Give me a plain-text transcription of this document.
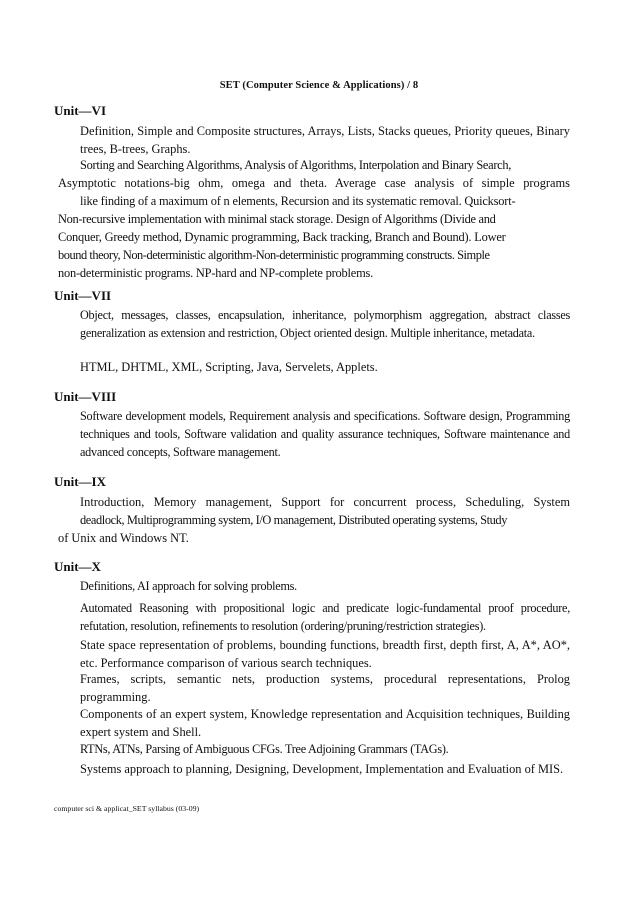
SET (Computer Science & Applications) / 8
Unit—VI
Definition, Simple and Composite structures, Arrays, Lists, Stacks queues, Priority queues, Binary trees, B-trees, Graphs.
Sorting and Searching Algorithms, Analysis of Algorithms, Interpolation and Binary Search,
Asymptotic notations-big ohm, omega and theta. Average case analysis of simple programs
like finding of a maximum of n elements, Recursion and its systematic removal. Quicksort-
Non-recursive implementation with minimal stack storage. Design of Algorithms (Divide and
Conquer, Greedy method, Dynamic programming, Back tracking, Branch and Bound). Lower
bound theory, Non-deterministic algorithm-Non-deterministic programming constructs. Simple
non-deterministic programs. NP-hard and NP-complete problems.
Unit—VII
Object, messages, classes, encapsulation, inheritance, polymorphism aggregation, abstract classes generalization as extension and restriction, Object oriented design. Multiple inheritance, metadata.
HTML, DHTML, XML, Scripting, Java, Servelets, Applets.
Unit—VIII
Software development models, Requirement analysis and specifications. Software design, Programming techniques and tools, Software validation and quality assurance techniques, Software maintenance and advanced concepts, Software management.
Unit—IX
Introduction, Memory management, Support for concurrent process, Scheduling, System
deadlock, Multiprogramming system, I/O management, Distributed operating systems, Study
of Unix and Windows NT.
Unit—X
Definitions, AI approach for solving problems.
Automated Reasoning with propositional logic and predicate logic-fundamental proof procedure, refutation, resolution, refinements to resolution (ordering/pruning/restriction strategies).
State space representation of problems, bounding functions, breadth first, depth first, A, A*, AO*, etc. Performance comparison of various search techniques.
Frames, scripts, semantic nets, production systems, procedural representations, Prolog programming.
Components of an expert system, Knowledge representation and Acquisition techniques, Building expert system and Shell.
RTNs, ATNs, Parsing of Ambiguous CFGs. Tree Adjoining Grammars (TAGs).
Systems approach to planning, Designing, Development, Implementation and Evaluation of MIS.
computer sci & applicat_SET syllabus (03-09)
